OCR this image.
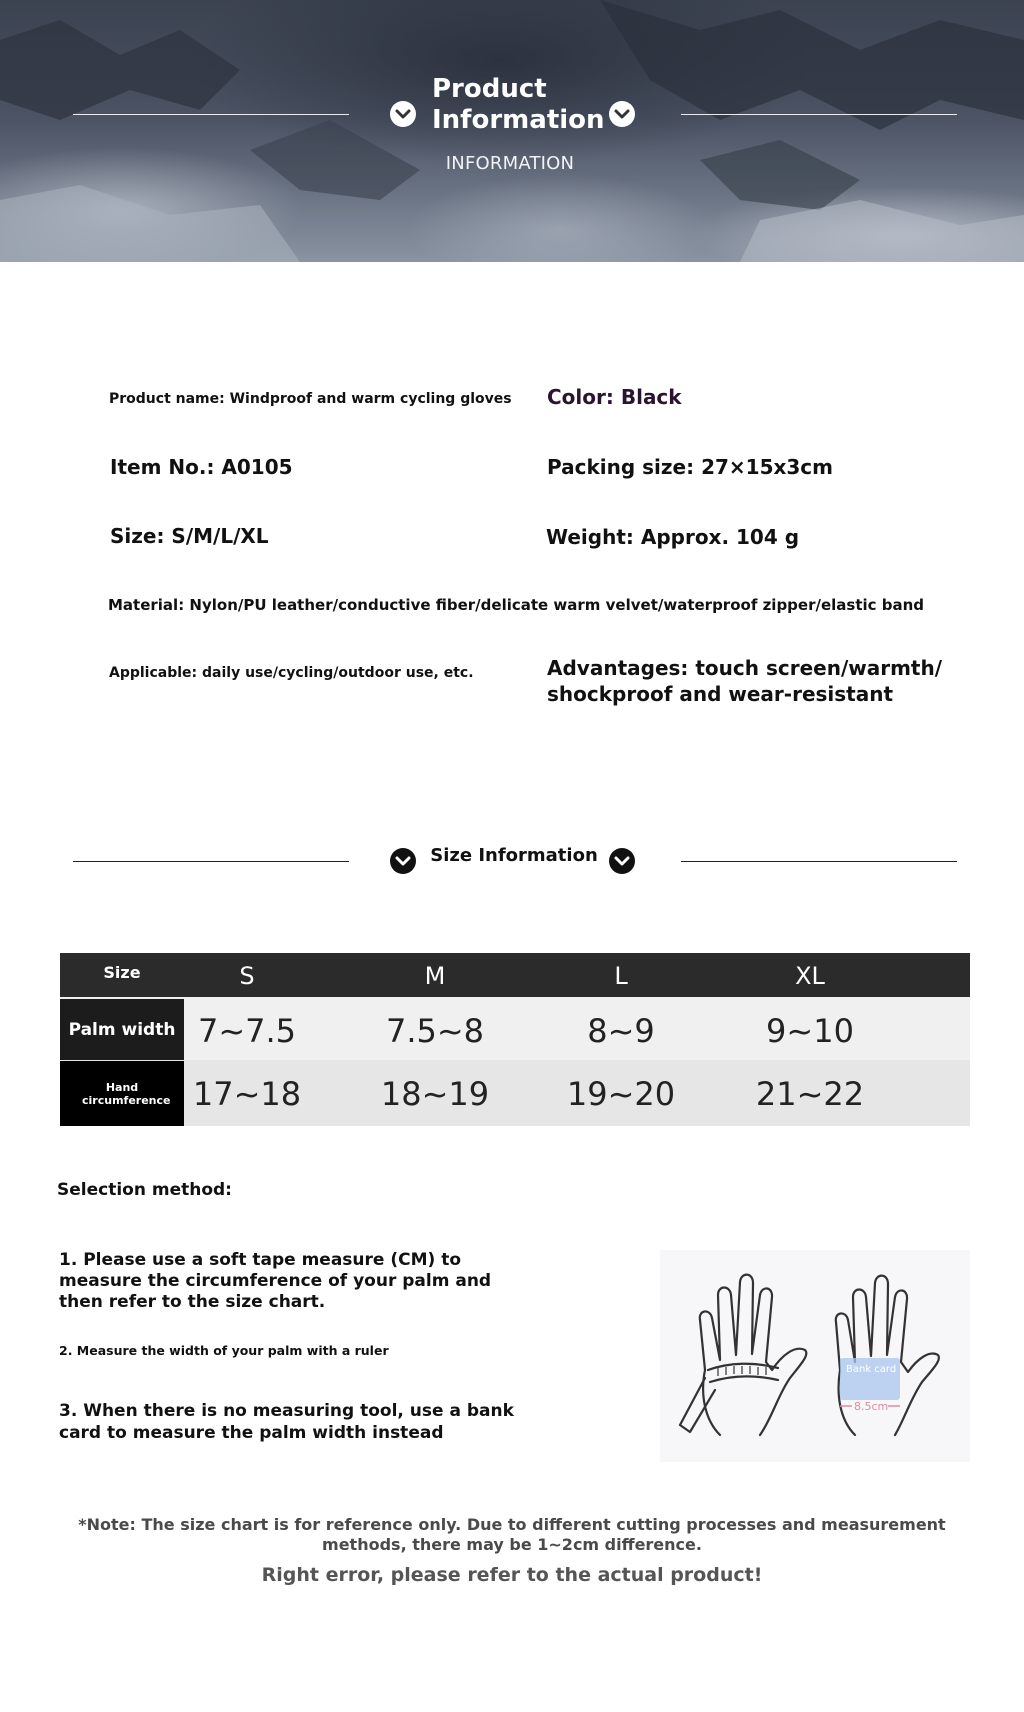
Product Information
INFORMATION
Product name: Windproof and warm cycling gloves Color: Black
Item No.: A0105	Packing size: 27×15x3cm
Size: S/M/L/XL	Weight: Approx. 104 g
Material: Nylon/PU leather/conductive fiber/delicate warm velvet/waterproof zipper/elastic band
Applicable: daily use/cycling/outdoor use, etc.	Advantages: touch screen/warmth/ shockproof and wear-resistant
Size Information
Size	S	M	L	XL
Palm width 7~7.5	7.5~8	8~9	9~10
Hand circumference 17~18	18~19	19~20	21~22
Selection method:
1. Please use a soft tape measure (CM) to measure the circumference of your palm and then refer to the size chart.
2. Measure the width of your palm with a ruler
3. When there is no measuring tool, use a bank card to measure the palm width instead
Bank card
8.5cm
*Note: The size chart is for reference only. Due to different cutting processes and measurement methods, there may be 1~2cm difference.
Right error, please refer to the actual product!
